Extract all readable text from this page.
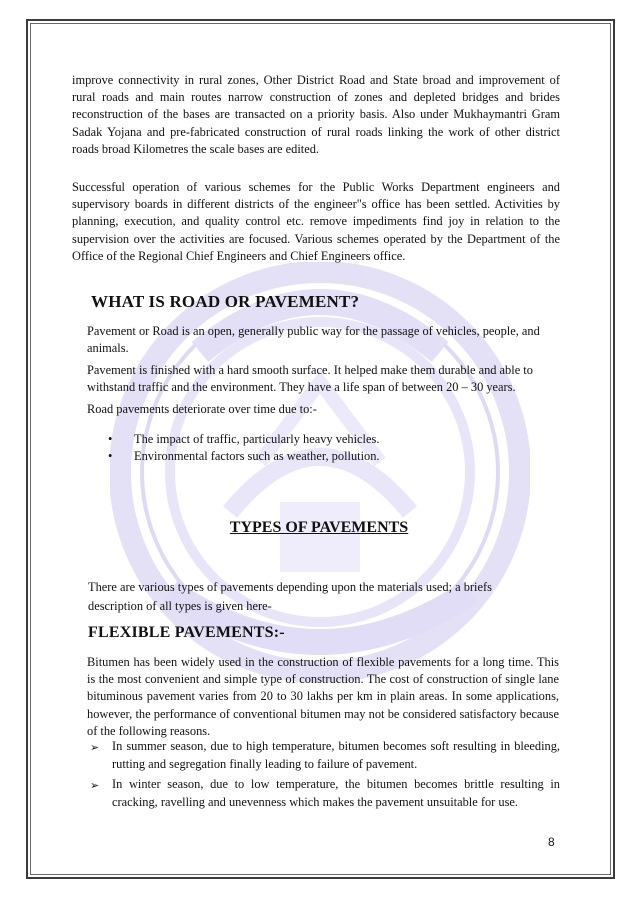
improve connectivity in rural zones, Other District Road and State broad and improvement of rural roads and main routes narrow construction of zones and depleted bridges and brides reconstruction of the bases are transacted on a priority basis. Also under Mukhaymantri Gram Sadak Yojana and pre-fabricated construction of rural roads linking the work of other district roads broad Kilometres the scale bases are edited.

Successful operation of various schemes for the Public Works Department engineers and supervisory boards in different districts of the engineer"s office has been settled. Activities by planning, execution, and quality control etc. remove impediments find joy in relation to the supervision over the activities are focused. Various schemes operated by the Department of the Office of the Regional Chief Engineers and Chief Engineers office.

WHAT IS ROAD OR PAVEMENT?

Pavement or Road is an open, generally public way for the passage of vehicles, people, and animals.

Pavement is finished with a hard smooth surface. It helped make them durable and able to withstand traffic and the environment. They have a life span of between 20 – 30 years.

Road pavements deteriorate over time due to:-

•	The impact of traffic, particularly heavy vehicles.
•	Environmental factors such as weather, pollution.
TYPES OF PAVEMENTS

There are various types of pavements depending upon the materials used; a briefs description of all types is given here-

FLEXIBLE PAVEMENTS:-

Bitumen has been widely used in the construction of flexible pavements for a long time. This is the most convenient and simple type of construction. The cost of construction of single lane bituminous pavement varies from 20 to 30 lakhs per km in plain areas. In some applications, however, the performance of conventional bitumen may not be considered satisfactory because of the following reasons.

➢	In summer season, due to high temperature, bitumen becomes soft resulting in bleeding, rutting and segregation finally leading to failure of pavement.
➢	In winter season, due to low temperature, the bitumen becomes brittle resulting in cracking, ravelling and unevenness which makes the pavement unsuitable for use.
8
